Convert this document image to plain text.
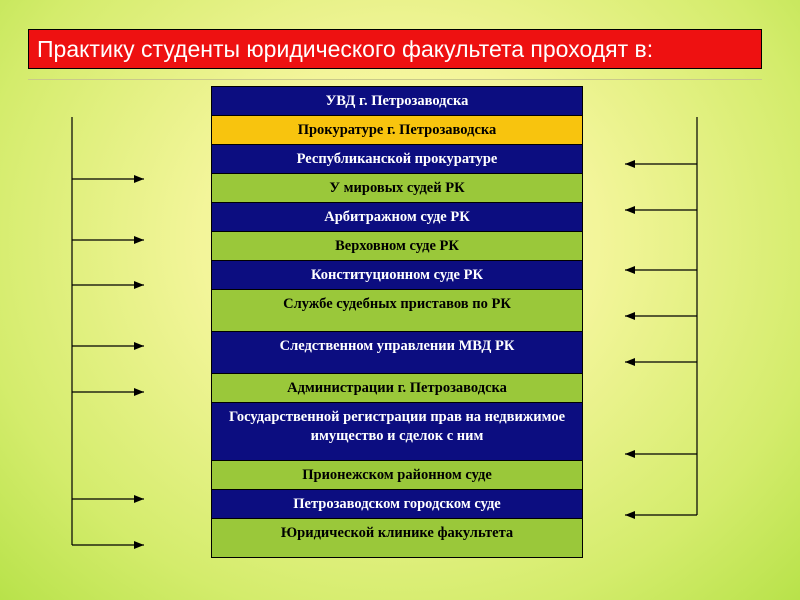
Практику студенты юридического факультета проходят в:
УВД г. Петрозаводска
Прокуратуре г. Петрозаводска
Республиканской прокуратуре
У мировых судей РК
Арбитражном суде РК
Верховном суде РК
Конституционном суде РК
Службе судебных приставов по РК
Следственном управлении МВД РК
Администрации г. Петрозаводска
Государственной регистрации прав на недвижимое имущество и сделок с ним
Прионежском районном суде
Петрозаводском городском суде
Юридической клинике факультета
